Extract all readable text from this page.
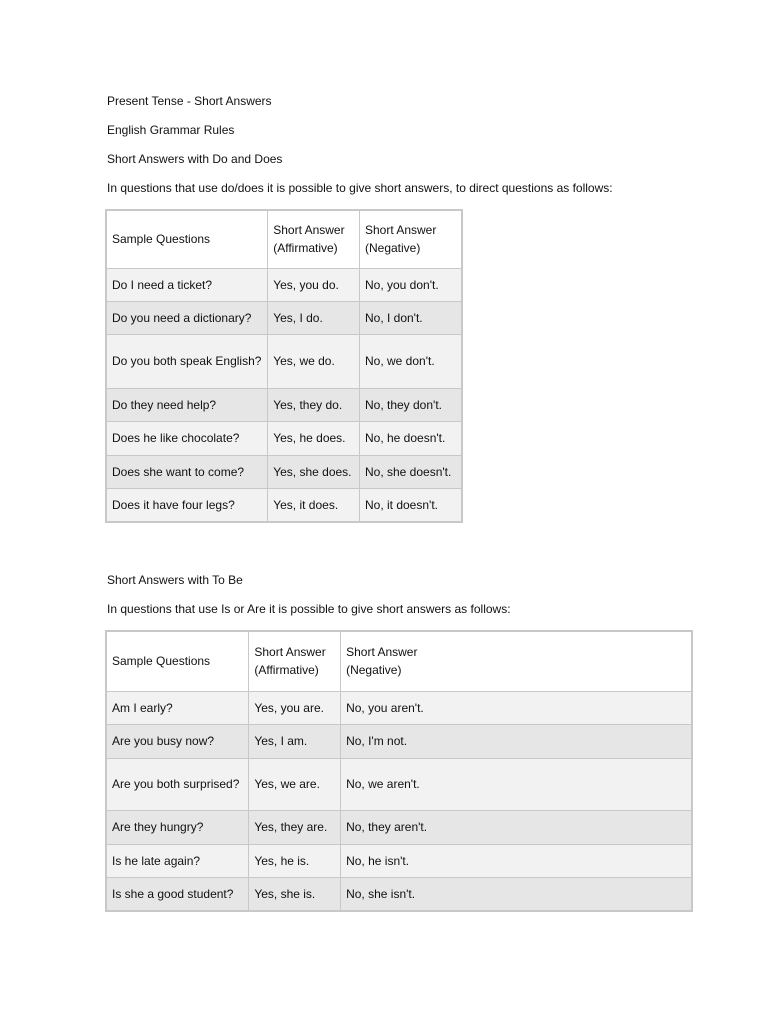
Present Tense - Short Answers

English Grammar Rules

Short Answers with Do and Does

In questions that use do/does it is possible to give short answers, to direct questions as follows:

Sample Questions	Short Answer (Affirmative)	Short Answer (Negative)
Do I need a ticket?	Yes, you do.	No, you don't.
Do you need a dictionary?	Yes, I do.	No, I don't.
Do you both speak English?	Yes, we do.	No, we don't.
Do they need help?	Yes, they do.	No, they don't.
Does he like chocolate?	Yes, he does.	No, he doesn't.
Does she want to come?	Yes, she does.	No, she doesn't.
Does it have four legs?	Yes, it does.	No, it doesn't.

Short Answers with To Be

In questions that use Is or Are it is possible to give short answers as follows:

Sample Questions	Short Answer (Affirmative)	Short Answer (Negative)
Am I early?	Yes, you are.	No, you aren't.
Are you busy now?	Yes, I am.	No, I'm not.
Are you both surprised?	Yes, we are.	No, we aren't.
Are they hungry?	Yes, they are.	No, they aren't.
Is he late again?	Yes, he is.	No, he isn't.
Is she a good student?	Yes, she is.	No, she isn't.
